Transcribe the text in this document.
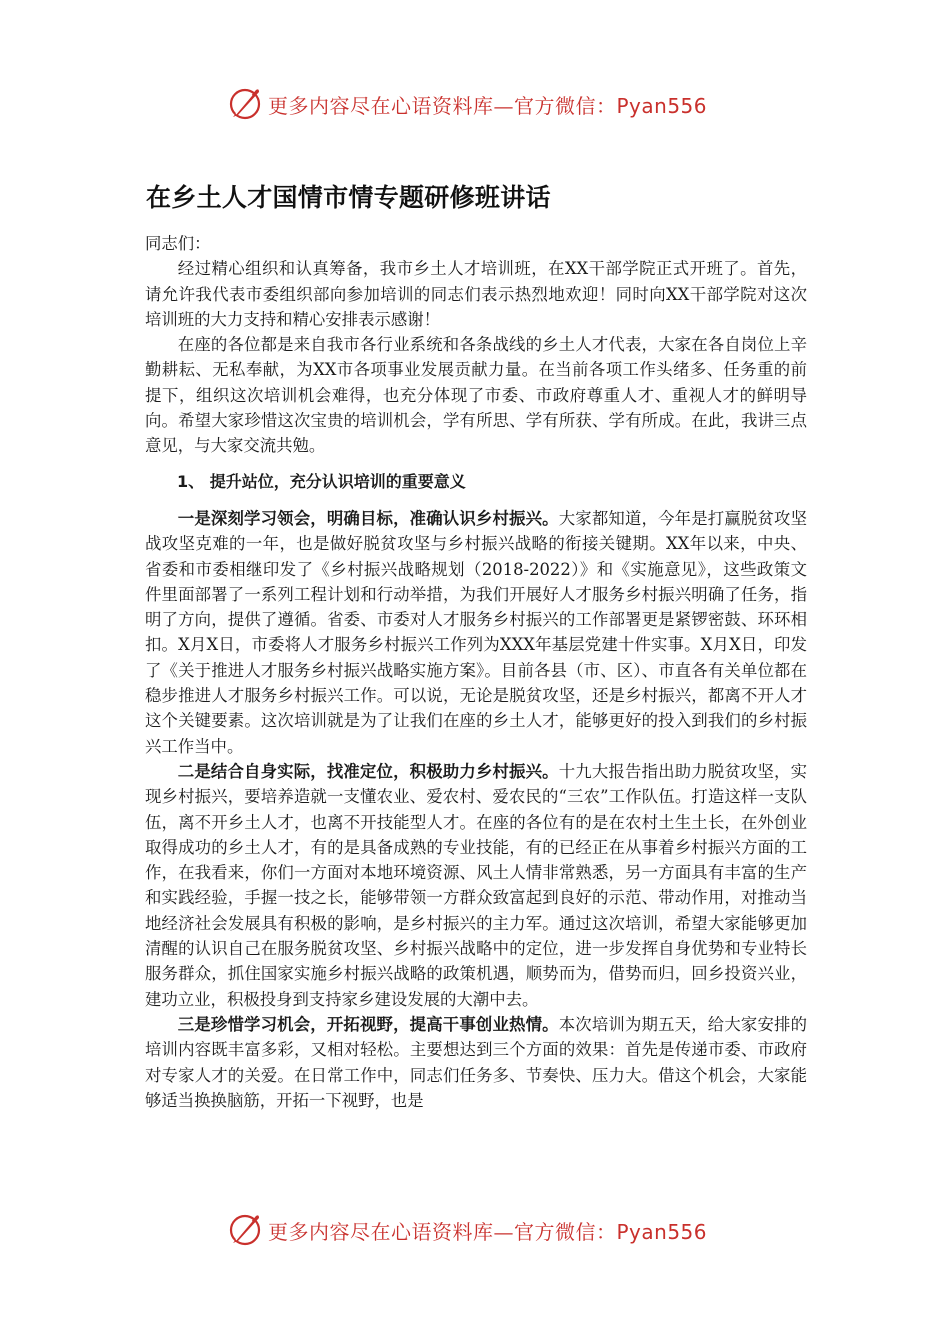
更多内容尽在心语资料库—官方微信：Pyan556
在乡土人才国情市情专题研修班讲话

同志们：

经过精心组织和认真筹备，我市乡土人才培训班，在XX干部学院正式开班了。首先，请允许我代表市委组织部向参加培训的同志们表示热烈地欢迎！同时向XX干部学院对这次培训班的大力支持和精心安排表示感谢！

在座的各位都是来自我市各行业系统和各条战线的乡土人才代表，大家在各自岗位上辛勤耕耘、无私奉献，为XX市各项事业发展贡献力量。在当前各项工作头绪多、任务重的前提下，组织这次培训机会难得，也充分体现了市委、市政府尊重人才、重视人才的鲜明导向。希望大家珍惜这次宝贵的培训机会，学有所思、学有所获、学有所成。在此，我讲三点意见，与大家交流共勉。

1、 提升站位，充分认识培训的重要意义

一是深刻学习领会，明确目标，准确认识乡村振兴。大家都知道，今年是打赢脱贫攻坚战攻坚克难的一年，也是做好脱贫攻坚与乡村振兴战略的衔接关键期。XX年以来，中央、省委和市委相继印发了《乡村振兴战略规划（2018-2022）》和《实施意见》，这些政策文件里面部署了一系列工程计划和行动举措，为我们开展好人才服务乡村振兴明确了任务，指明了方向，提供了遵循。省委、市委对人才服务乡村振兴的工作部署更是紧锣密鼓、环环相扣。X月X日，市委将人才服务乡村振兴工作列为XXX年基层党建十件实事。X月X日，印发了《关于推进人才服务乡村振兴战略实施方案》。目前各县（市、区）、市直各有关单位都在稳步推进人才服务乡村振兴工作。可以说，无论是脱贫攻坚，还是乡村振兴，都离不开人才这个关键要素。这次培训就是为了让我们在座的乡土人才，能够更好的投入到我们的乡村振兴工作当中。

二是结合自身实际，找准定位，积极助力乡村振兴。十九大报告指出助力脱贫攻坚，实现乡村振兴，要培养造就一支懂农业、爱农村、爱农民的“三农”工作队伍。打造这样一支队伍，离不开乡土人才，也离不开技能型人才。在座的各位有的是在农村土生土长，在外创业取得成功的乡土人才，有的是具备成熟的专业技能，有的已经正在从事着乡村振兴方面的工作，在我看来，你们一方面对本地环境资源、风土人情非常熟悉，另一方面具有丰富的生产和实践经验，手握一技之长，能够带领一方群众致富起到良好的示范、带动作用，对推动当地经济社会发展具有积极的影响，是乡村振兴的主力军。通过这次培训，希望大家能够更加清醒的认识自己在服务脱贫攻坚、乡村振兴战略中的定位，进一步发挥自身优势和专业特长服务群众，抓住国家实施乡村振兴战略的政策机遇，顺势而为，借势而归，回乡投资兴业，建功立业，积极投身到支持家乡建设发展的大潮中去。

三是珍惜学习机会，开拓视野，提高干事创业热情。本次培训为期五天，给大家安排的培训内容既丰富多彩，又相对轻松。主要想达到三个方面的效果：首先是传递市委、市政府对专家人才的关爱。在日常工作中，同志们任务多、节奏快、压力大。借这个机会，大家能够适当换换脑筋，开拓一下视野，也是

更多内容尽在心语资料库—官方微信：Pyan556
